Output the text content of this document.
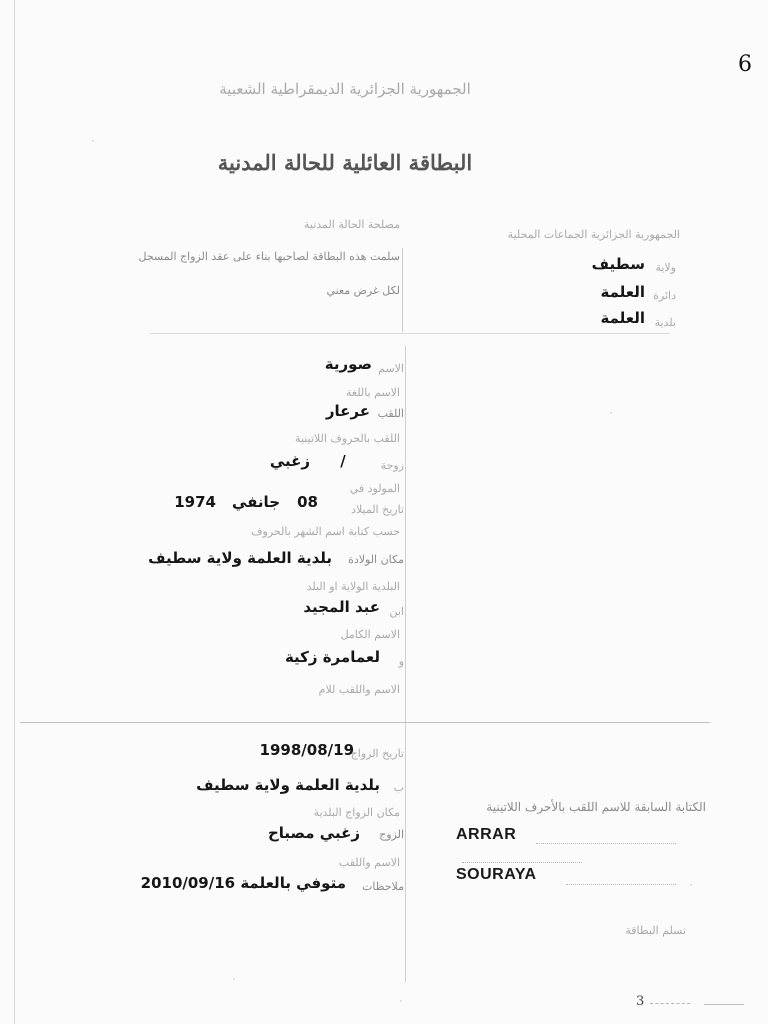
6
الجمهورية الجزائرية الديمقراطية الشعبية
البطاقة العائلية للحالة المدنية
مصلحة الحالة المدنية
سلمت هذه البطاقة لصاحبها بناء على عقد الزواج المسجل
لكل غرض معني
الجمهورية الجزائرية الجماعات المحلية
ولاية
سطيف
دائرة
العلمة
بلدية
العلمة
الاسم
صورية
الاسم باللغة
اللقب
عرعار
اللقب بالحروف اللاتينية
زوجة
/
زغبي
المولود في
تاريخ الميلاد
08
جانفي
1974
حسب كتابة اسم الشهر بالحروف
مكان الولادة
بلدية العلمة ولاية سطيف
البلدية الولاية او البلد
ابن
عبد المجيد
الاسم الكامل
و
لعمامرة زكية
الاسم واللقب للام
تاريخ الزواج
1998/08/19
ب
بلدية العلمة ولاية سطيف
مكان الزواج البلدية
الزوج
زغبي مصباح
الاسم واللقب
ملاحظات
متوفي بالعلمة 2010/09/16
الكتابة السابقة للاسم اللقب بالأحرف اللاتينية
ARRAR
SOURAYA
تسلم البطاقة
3
